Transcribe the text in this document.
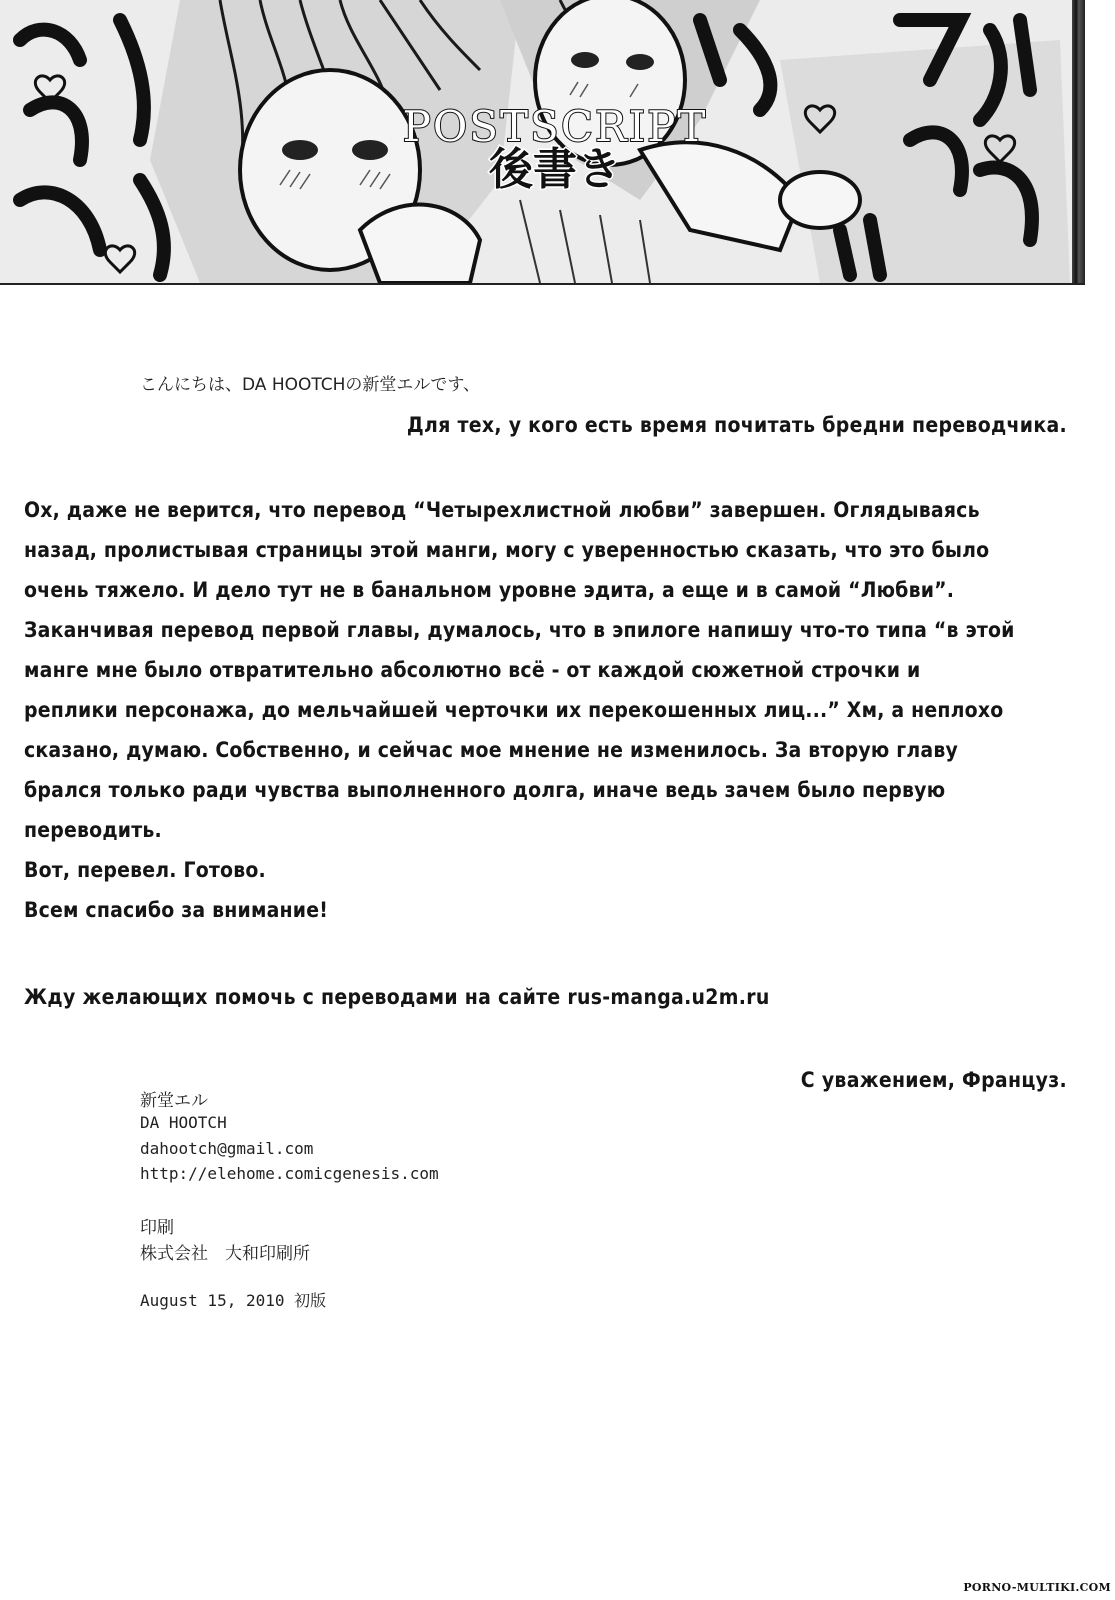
POSTSCRIPT
後書き
こんにちは、DA HOOTCHの新堂エルです、
Для тех, у кого есть время почитать бредни переводчика.
Ох, даже не верится, что перевод “Четырехлистной любви” завершен. Оглядываясь
назад, пролистывая страницы этой манги, могу с уверенностью сказать, что это было
очень тяжело. И дело тут не в банальном уровне эдита, а еще и в самой “Любви”.
Заканчивая перевод первой главы, думалось, что в эпилоге напишу что-то типа “в этой
манге мне было отвратительно абсолютно всё - от каждой сюжетной строчки и
реплики персонажа, до мельчайшей черточки их перекошенных лиц...” Хм, а неплохо
сказано, думаю. Собственно, и сейчас мое мнение не изменилось. За вторую главу
брался только ради чувства выполненного долга, иначе ведь зачем было первую
переводить.
Вот, перевел. Готово.
Всем спасибо за внимание!
Жду желающих помочь с переводами на сайте rus-manga.u2m.ru
С уважением, Француз.
新堂エル
DA HOOTCH
dahootch@gmail.com
http://elehome.comicgenesis.com
印刷
株式会社　大和印刷所
August 15, 2010 初版
PORNO-MULTIKI.COM
